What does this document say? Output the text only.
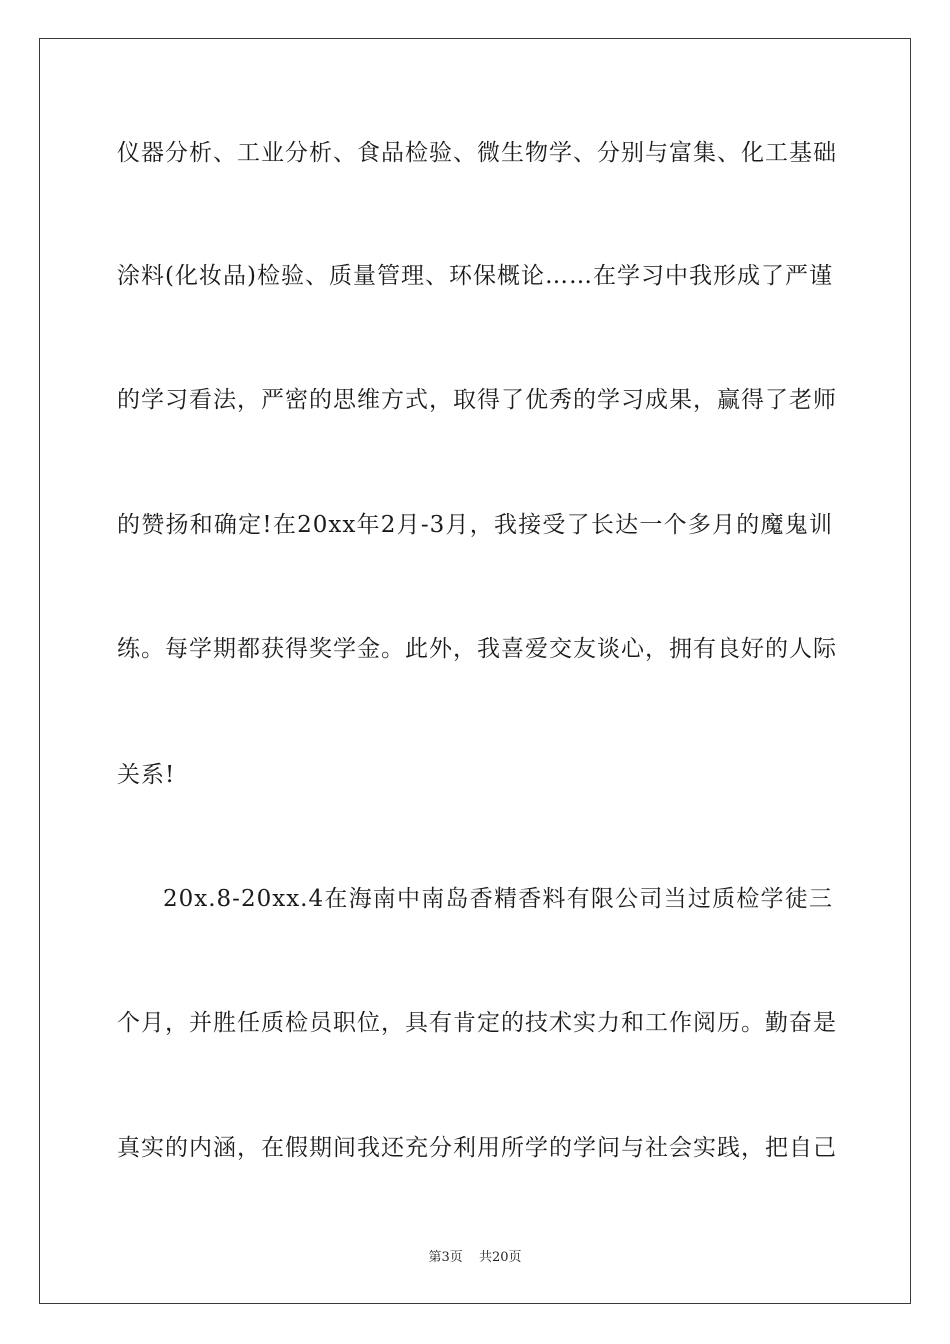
仪器分析、工业分析、食品检验、微生物学、分别与富集、化工基础
涂料(化妆品)检验、质量管理、环保概论……在学习中我形成了严谨
的学习看法，严密的思维方式，取得了优秀的学习成果，赢得了老师
的赞扬和确定!在20xx年2月-3月，我接受了长达一个多月的魔鬼训
练。每学期都获得奖学金。此外，我喜爱交友谈心，拥有良好的人际
关系!
20x.8-20xx.4在海南中南岛香精香料有限公司当过质检学徒三
个月，并胜任质检员职位，具有肯定的技术实力和工作阅历。勤奋是
真实的内涵，在假期间我还充分利用所学的学问与社会实践，把自己
第3页 共20页
